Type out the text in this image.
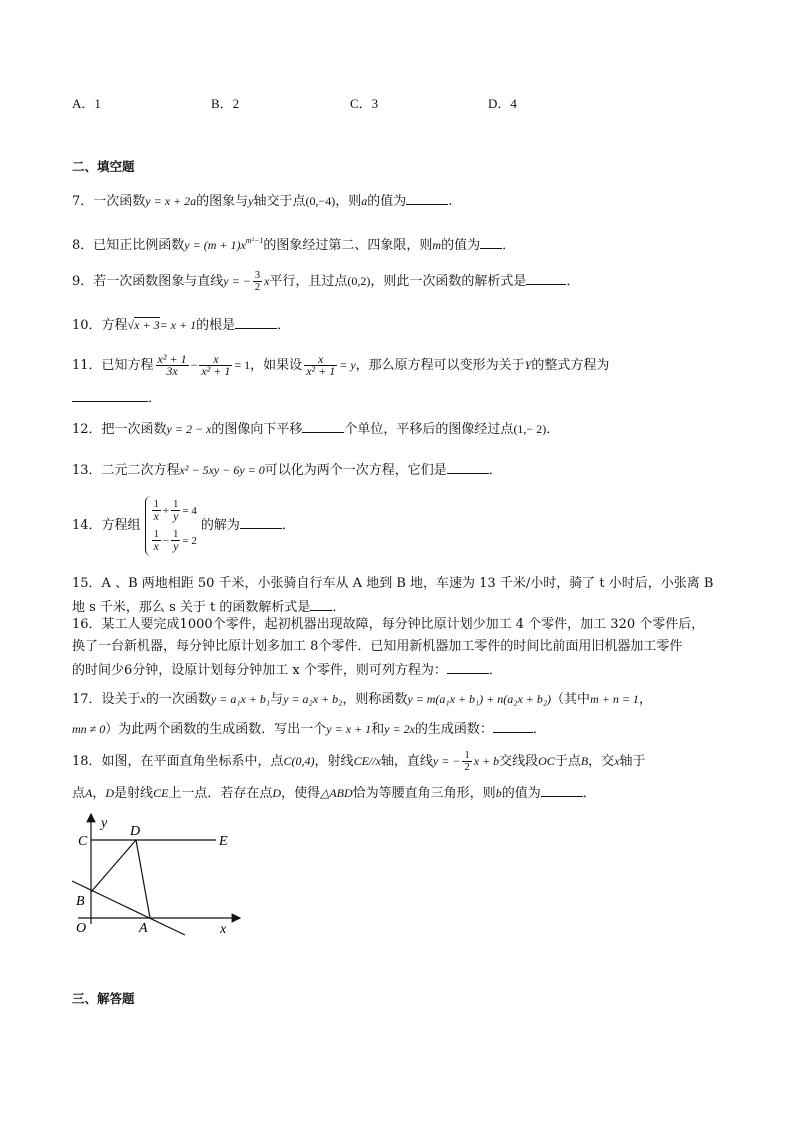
A．1	B．2	C．3	D．4
二、填空题
7．一次函数y = x + 2a的图象与y轴交于点(0,−4)，则a的值为	.
8．已知正比例函数$y = (m + 1)x^{m^2-1}$的图象经过第二、四象限，则m的值为 ．
9．若一次函数图象与直线y = − $\frac{3}{2}$ x平行，且过点(0,2)，则此一次函数的解析式是	．
10．方程√x + 3= x + 1的根是	．
11．已知方程 $\frac{\text{x² + 1}}{3x} - \frac{x}{\text{x² + 1}} = 1$，如果设 $\frac{x}{\text{x² + 1}} = y$，那么原方程可以变形为关于Y的整式方程为
．
12．把一次函数y = 2 − x的图像向下平移	个单位，平移后的图像经过点(1,− 2)．
13．二元二次方程x² − 5xy − 6y = 0可以化为两个一次方程，它们是	．
14．方程组
$\frac{1}{x} + \frac{1}{y} = 4$
$\frac{1}{x} - \frac{1}{y} = 2$
的解为	．
15．A 、B 两地相距 50 千米，小张骑自行车从 A 地到 B 地，车速为 13 千米/小时，骑了 t 小时后，小张离 B
地 s 千米，那么 s 关于 t 的函数解析式是 ．
16．某工人要完成1000个零件，起初机器出现故障，每分钟比原计划少加工 4 个零件，加工 320 个零件后，
换了一台新机器，每分钟比原计划多加工 8个零件．已知用新机器加工零件的时间比前面用旧机器加工零件
的时间少6分钟，设原计划每分钟加工 x 个零件，则可列方程为：	．
17．设关于x的一次函数y = a₁x + b₁与y = a₂x + b₂，则称函数y = m(a₁x + b₁) + n(a₂x + b₂)（其中m + n = 1，
mn ≠ 0）为此两个函数的生成函数．写出一个y = x + 1和y = 2x的生成函数：	．
18．如图，在平面直角坐标系中，点C(0,4)，射线CE//x轴，直线y = − $\frac{1}{2}$ x + b交线段OC于点B，交x轴于
点A，D是射线CE上一点．若存在点D，使得△ABD恰为等腰直角三角形，则b的值为	．
y
C
D
E
B
O	A	x
三、解答题
